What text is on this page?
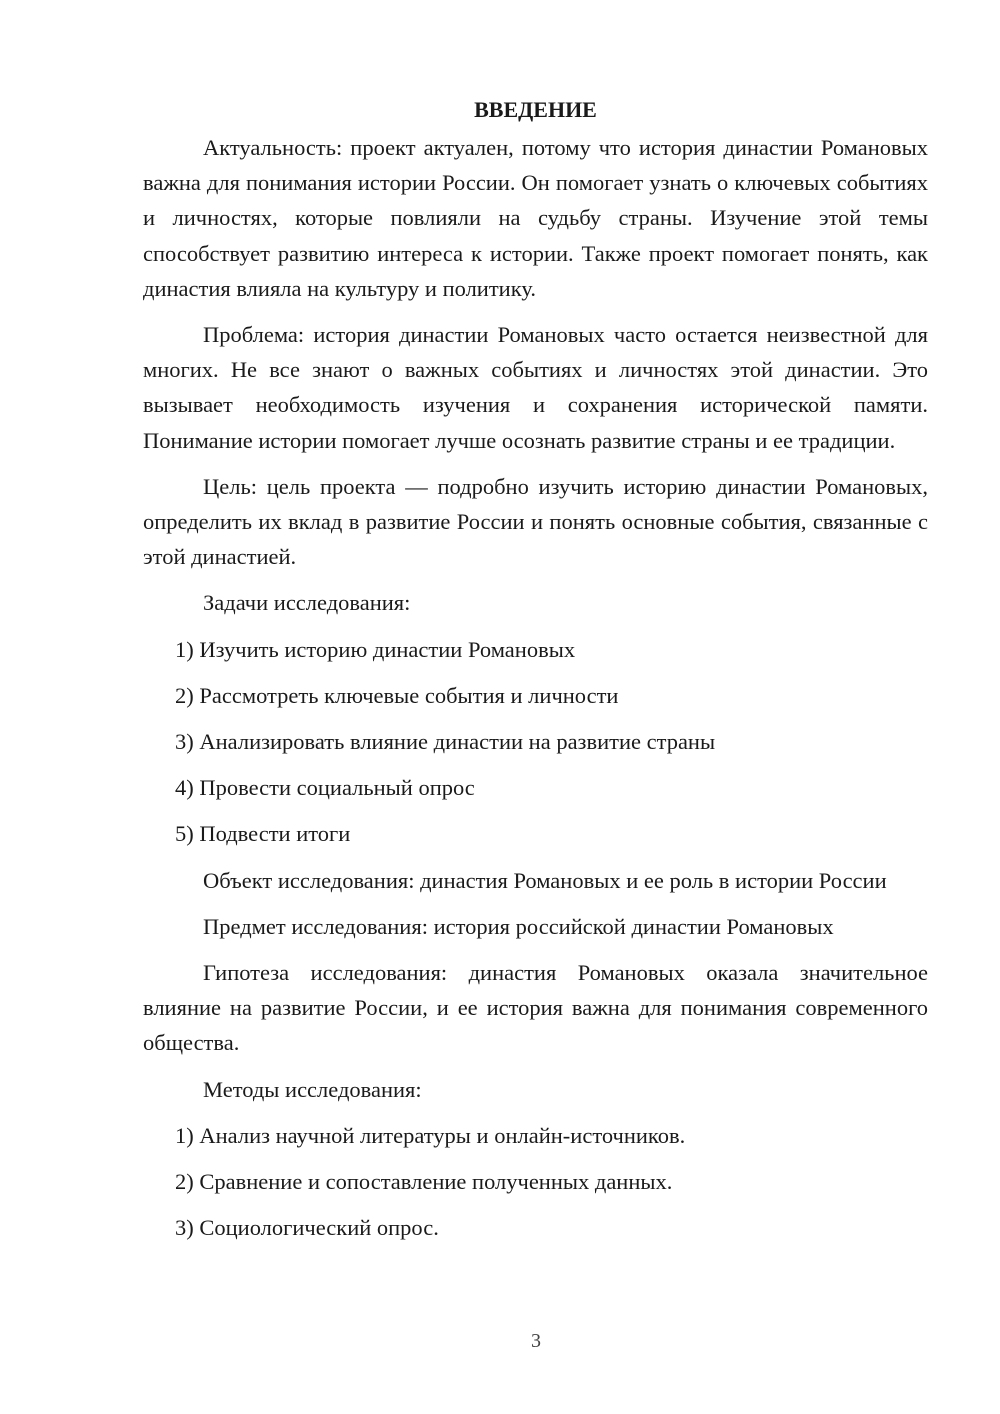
ВВЕДЕНИЕ

Актуальность: проект актуален, потому что история династии Романовых важна для понимания истории России. Он помогает узнать о ключевых событиях и личностях, которые повлияли на судьбу страны. Изучение этой темы способствует развитию интереса к истории. Также проект помогает понять, как династия влияла на культуру и политику.

Проблема: история династии Романовых часто остается неизвестной для многих. Не все знают о важных событиях и личностях этой династии. Это вызывает необходимость изучения и сохранения исторической памяти. Понимание истории помогает лучше осознать развитие страны и ее традиции.

Цель: цель проекта — подробно изучить историю династии Романовых, определить их вклад в развитие России и понять основные события, связанные с этой династией.

Задачи исследования:

1) Изучить историю династии Романовых

2) Рассмотреть ключевые события и личности

3) Анализировать влияние династии на развитие страны

4) Провести социальный опрос

5) Подвести итоги

Объект исследования: династия Романовых и ее роль в истории России

Предмет исследования: история российской династии Романовых

Гипотеза исследования: династия Романовых оказала значительное влияние на развитие России, и ее история важна для понимания современного общества.

Методы исследования:

1) Анализ научной литературы и онлайн-источников.

2) Сравнение и сопоставление полученных данных.

3) Социологический опрос.

3
